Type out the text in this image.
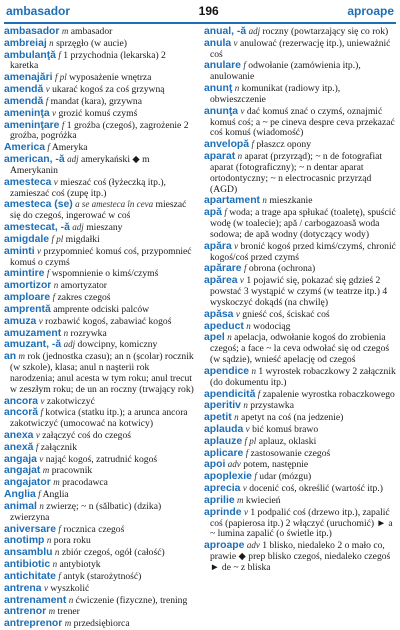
ambasador	196	aproape

ambasador m ambasador

ambreiaj n sprzęgło (w aucie)

ambulanţă f 1 przychodnia (lekarska) 2 karetka

amenajări f pl wyposażenie wnętrza

amendă v ukarać kogoś za coś grzywną

amendă f mandat (kara), grzywna

ameninţa v grozić komuś czymś

ameninţare f 1 groźba (czegoś), zagrożenie 2 groźba, pogróżka

America f Ameryka

american, -ă adj amerykański ◆ m Amerykanin

amesteca v mieszać coś (łyżeczką itp.), zamieszać coś (zupę itp.)

amesteca (se) a se amesteca în ceva mieszać się do czegoś, ingerować w coś

amestecat, -ă adj mieszany

amigdale f pl migdałki

aminti v przypomnieć komuś coś, przypomnieć komuś o czymś

amintire f wspomnienie o kimś/czymś

amortizor n amortyzator

amploare f zakres czegoś

amprentă amprente odciski palców

amuza v rozbawić kogoś, zabawiać kogoś

amuzament n rozrywka

amuzant, -ă adj dowcipny, komiczny

an m rok (jednostka czasu); an n (școlar) rocznik (w szkole), klasa; anul n naşterii rok narodzenia; anul acesta w tym roku; anul trecut w zeszłym roku; de un an roczny (trwający rok)

ancora v zakotwiczyć

ancoră f kotwica (statku itp.); a arunca ancora zakotwiczyć (umocować na kotwicy)

anexa v załączyć coś do czegoś

anexă f załącznik

angaja v nająć kogoś, zatrudnić kogoś

angajat m pracownik

angajator m pracodawca

Anglia f Anglia

animal n zwierzę; ~ n (sălbatic) (dzika) zwierzyna

aniversare f rocznica czegoś

anotimp n pora roku

ansamblu n zbiór czegoś, ogół (całość)

antibiotic n antybiotyk

antichitate f antyk (starożytność)

antrena v wyszkolić

antrenament n ćwiczenie (fizyczne), trening

antrenor m trener

antreprenor m przedsiębiorca

anual, -ă adj roczny (powtarzający się co rok)

anula v anulować (rezerwację itp.), unieważnić coś

anulare f odwołanie (zamówienia itp.), anulowanie

anunţ n komunikat (radiowy itp.), obwieszczenie

anunţa v dać komuś znać o czymś, oznajmić komuś coś; a ~ pe cineva despre ceva przekazać coś komuś (wiadomość)

anvelopă f płaszcz opony

aparat n aparat (przyrząd); ~ n de fotografiat aparat (fotograficzny); ~ n dentar aparat ortodontyczny; ~ n electrocasnic przyrząd (AGD)

apartament n mieszkanie

apă f woda; a trage apa spłukać (toaletę), spuścić wodę (w toalecie); apă / carbogazoasă woda sodowa; de apă wodny (dotyczący wody)

apăra v bronić kogoś przed kimś/czymś, chronić kogoś/coś przed czymś

apărare f obrona (ochrona)

apărea v 1 pojawić się, pokazać się gdzieś 2 powstać 3 wystąpić w czymś (w teatrze itp.) 4 wyskoczyć dokądś (na chwilę)

apăsa v gnieść coś, ściskać coś

apeduct n wodociąg

apel n apelacja, odwołanie kogoś do zrobienia czegoś; a face ~ la ceva odwołać się od czegoś (w sądzie), wnieść apelację od czegoś

apendice n 1 wyrostek robaczkowy 2 załącznik (do dokumentu itp.)

apendicită f zapalenie wyrostka robaczkowego

aperitiv n przystawka

apetit n apetyt na coś (na jedzenie)

aplauda v bić komuś brawo

aplauze f pl aplauz, oklaski

aplicare f zastosowanie czegoś

apoi adv potem, następnie

apoplexie f udar (mózgu)

aprecia v docenić coś, określić (wartość itp.)

aprilie m kwiecień

aprinde v 1 podpalić coś (drzewo itp.), zapalić coś (papierosa itp.) 2 włączyć (uruchomić) ► a ~ lumina zapalić (o świetle itp.)

aproape adv 1 blisko, niedaleko 2 o mało co, prawie ◆ prep blisko czegoś, niedaleko czegoś ► de ~ z bliska
